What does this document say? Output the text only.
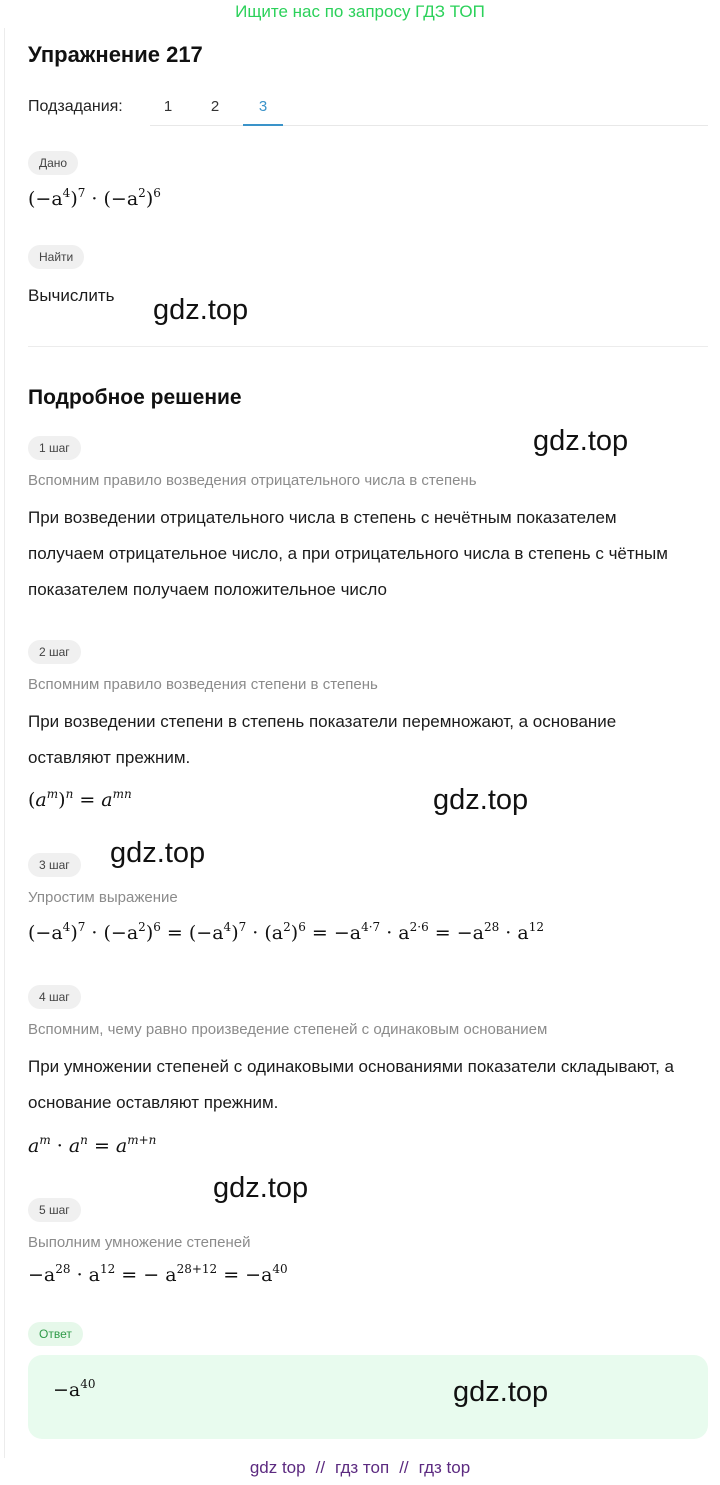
Ищите нас по запросу ГДЗ ТОП
Упражнение 217
Подзадания:	1	2	3
Дано
$(-a^4)^7 \cdot (-a^2)^6$
Найти
Вычислить gdz.top
Подробное решение
1 шаг	gdz.top
Вспомним правило возведения отрицательного числа в степень
При возведении отрицательного числа в степень с нечётным показателем получаем отрицательное число, а при отрицательного числа в степень с чётным показателем получаем положительное число
2 шаг
Вспомним правило возведения степени в степень
При возведении степени в степень показатели перемножают, а основание оставляют прежним.
$(a^m)^n = a^{mn}$	gdz.top
3 шаг	gdz.top
Упростим выражение
$(-a^4)^7 \cdot (-a^2)^6 = (-a^4)^7 \cdot (a^2)^6 = -a^{4\cdot 7} \cdot a^{2\cdot 6} = -a^{28} \cdot a^{12}$
4 шаг
Вспомним, чему равно произведение степеней с одинаковым основанием
При умножении степеней с одинаковыми основаниями показатели складывают, а основание оставляют прежним.
$a^m \cdot a^n = a^{m+n}$
gdz.top
5 шаг
Выполним умножение степеней
$-a^{28} \cdot a^{12}$ = − $a^{28+12} = -a^{40}$
Ответ
$-a^{40}$	gdz.top
gdz top // гдз топ // гдз top
